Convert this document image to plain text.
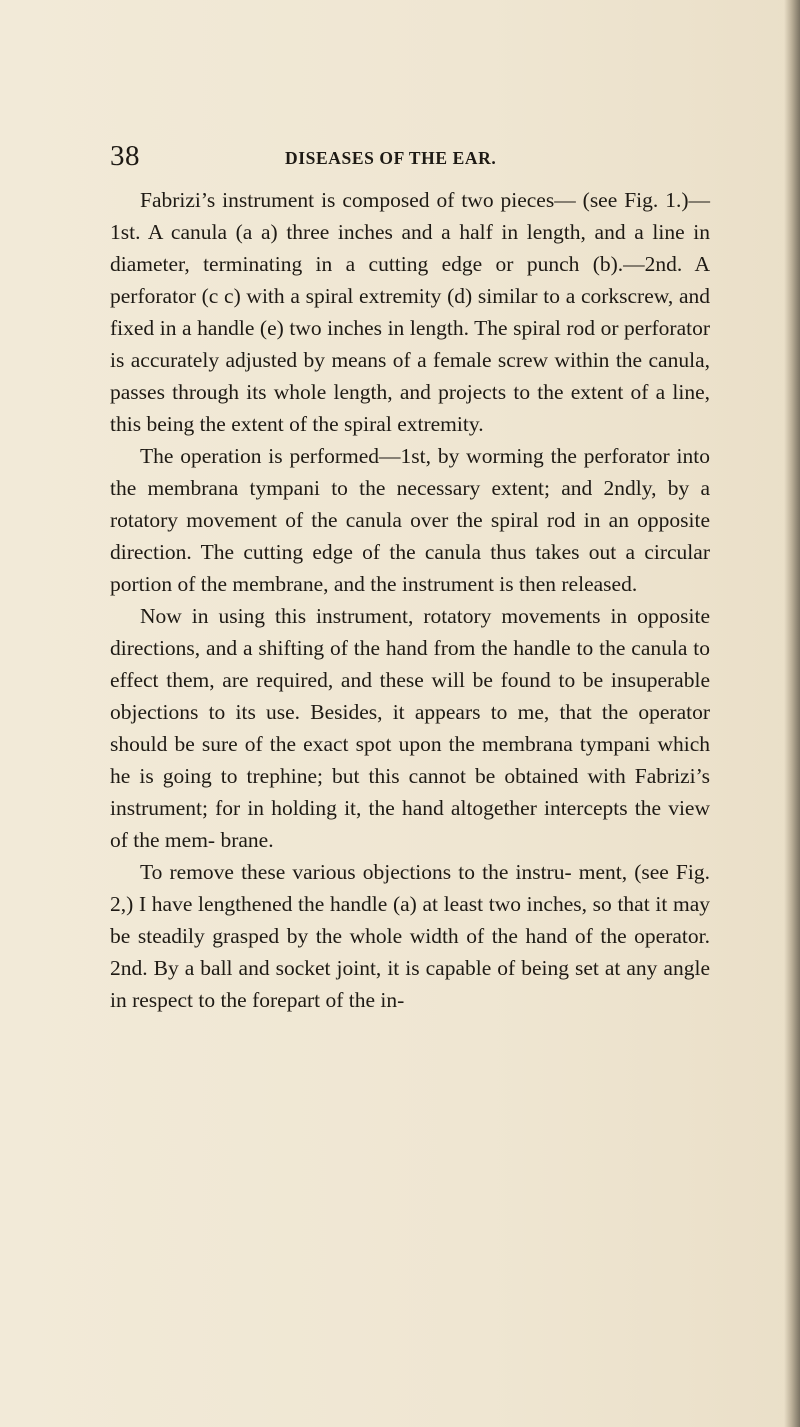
38	DISEASES OF THE EAR.

Fabrizi’s instrument is composed of two pieces— (see Fig. 1.)—1st. A canula (a a) three inches and a half in length, and a line in diameter, terminating in a cutting edge or punch (b).—2nd. A perforator (c c) with a spiral extremity (d) similar to a corkscrew, and fixed in a handle (e) two inches in length. The spiral rod or perforator is accurately adjusted by means of a female screw within the canula, passes through its whole length, and projects to the extent of a line, this being the extent of the spiral extremity.

The operation is performed—1st, by worming the perforator into the membrana tympani to the necessary extent; and 2ndly, by a rotatory movement of the canula over the spiral rod in an opposite direction. The cutting edge of the canula thus takes out a circular portion of the membrane, and the instrument is then released.

Now in using this instrument, rotatory movements in opposite directions, and a shifting of the hand from the handle to the canula to effect them, are required, and these will be found to be insuperable objections to its use. Besides, it appears to me, that the operator should be sure of the exact spot upon the membrana tympani which he is going to trephine; but this cannot be obtained with Fabrizi’s instrument; for in holding it, the hand altogether intercepts the view of the mem- brane.

To remove these various objections to the instru- ment, (see Fig. 2,) I have lengthened the handle (a) at least two inches, so that it may be steadily grasped by the whole width of the hand of the operator. 2nd. By a ball and socket joint, it is capable of being set at any angle in respect to the forepart of the in-
